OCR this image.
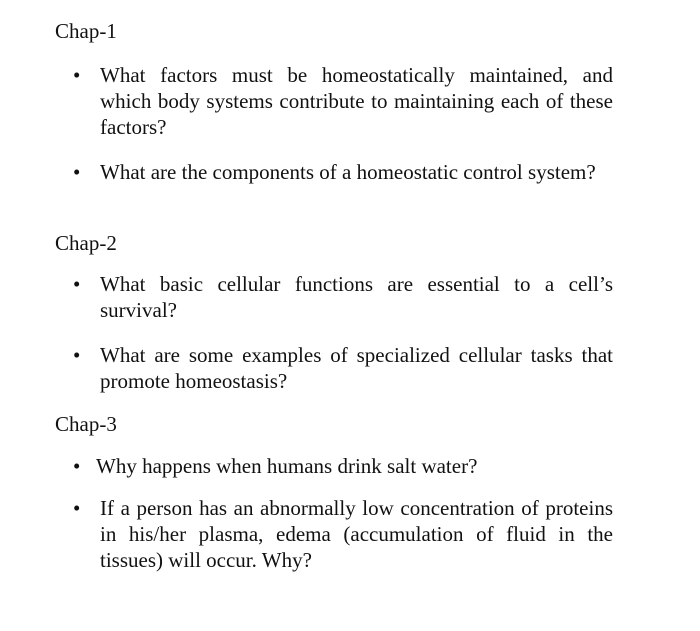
Chap-1
• What factors must be homeostatically maintained, and which body systems contribute to maintaining each of these factors?
• What are the components of a homeostatic control system?
Chap-2
• What basic cellular functions are essential to a cell’s survival?
• What are some examples of specialized cellular tasks that promote homeostasis?
Chap-3
• Why happens when humans drink salt water?
• If a person has an abnormally low concentration of proteins in his/her plasma, edema (accumulation of fluid in the tissues) will occur. Why?
